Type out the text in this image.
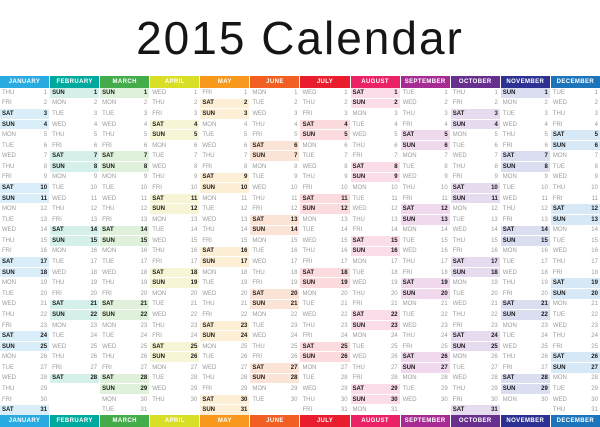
2015 Calendar
JANUARY
THU	1
FRI	2
SAT	3
SUN	4
MON	5
TUE	6
WED	7
THU	8
FRI	9
SAT	10
SUN	11
MON	12
TUE	13
WED	14
THU	15
FRI	16
SAT	17
SUN	18
MON	19
TUE	20
WED	21
THU	22
FRI	23
SAT	24
SUN	25
MON	26
TUE	27
WED	28
THU	29
FRI	30
SAT	31
JANUARY
FEBRUARY
SUN	1
MON	2
TUE	3
WED	4
THU	5
FRI	6
SAT	7
SUN	8
MON	9
TUE	10
WED	11
THU	12
FRI	13
SAT	14
SUN	15
MON	16
TUE	17
WED	18
THU	19
FRI	20
SAT	21
SUN	22
MON	23
TUE	24
WED	25
THU	26
FRI	27
SAT	28
FEBRUARY
MARCH
SUN	1
MON	2
TUE	3
WED	4
THU	5
FRI	6
SAT	7
SUN	8
MON	9
TUE	10
WED	11
THU	12
FRI	13
SAT	14
SUN	15
MON	16
TUE	17
WED	18
THU	19
FRI	20
SAT	21
SUN	22
MON	23
TUE	24
WED	25
THU	26
FRI	27
SAT	28
SUN	29
MON	30
TUE	31
MARCH
APRIL
WED	1
THU	2
FRI	3
SAT	4
SUN	5
MON	6
TUE	7
WED	8
THU	9
FRI	10
SAT	11
SUN	12
MON	13
TUE	14
WED	15
THU	16
FRI	17
SAT	18
SUN	19
MON	20
TUE	21
WED	22
THU	23
FRI	24
SAT	25
SUN	26
MON	27
TUE	28
WED	29
THU	30
APRIL
MAY
FRI	1
SAT	2
SUN	3
MON	4
TUE	5
WED	6
THU	7
FRI	8
SAT	9
SUN	10
MON	11
TUE	12
WED	13
THU	14
FRI	15
SAT	16
SUN	17
MON	18
TUE	19
WED	20
THU	21
FRI	22
SAT	23
SUN	24
MON	25
TUE	26
WED	27
THU	28
FRI	29
SAT	30
SUN	31
MAY
JUNE
MON	1
TUE	2
WED	3
THU	4
FRI	5
SAT	6
SUN	7
MON	8
TUE	9
WED	10
THU	11
FRI	12
SAT	13
SUN	14
MON	15
TUE	16
WED	17
THU	18
FRI	19
SAT	20
SUN	21
MON	22
TUE	23
WED	24
THU	25
FRI	26
SAT	27
SUN	28
MON	29
TUE	30
JUNE
JULY
WED	1
THU	2
FRI	3
SAT	4
SUN	5
MON	6
TUE	7
WED	8
THU	9
FRI	10
SAT	11
SUN	12
MON	13
TUE	14
WED	15
THU	16
FRI	17
SAT	18
SUN	19
MON	20
TUE	21
WED	22
THU	23
FRI	24
SAT	25
SUN	26
MON	27
TUE	28
WED	29
THU	30
FRI	31
JULY
AUGUST
SAT	1
SUN	2
MON	3
TUE	4
WED	5
THU	6
FRI	7
SAT	8
SUN	9
MON	10
TUE	11
WED	12
THU	13
FRI	14
SAT	15
SUN	16
MON	17
TUE	18
WED	19
THU	20
FRI	21
SAT	22
SUN	23
MON	24
TUE	25
WED	26
THU	27
FRI	28
SAT	29
SUN	30
MON	31
AUGUST
SEPTEMBER
TUE	1
WED	2
THU	3
FRI	4
SAT	5
SUN	6
MON	7
TUE	8
WED	9
THU	10
FRI	11
SAT	12
SUN	13
MON	14
TUE	15
WED	16
THU	17
FRI	18
SAT	19
SUN	20
MON	21
TUE	22
WED	23
THU	24
FRI	25
SAT	26
SUN	27
MON	28
TUE	29
WED	30
SEPTEMBER
OCTOBER
THU	1
FRI	2
SAT	3
SUN	4
MON	5
TUE	6
WED	7
THU	8
FRI	9
SAT	10
SUN	11
MON	12
TUE	13
WED	14
THU	15
FRI	16
SAT	17
SUN	18
MON	19
TUE	20
WED	21
THU	22
FRI	23
SAT	24
SUN	25
MON	26
TUE	27
WED	28
THU	29
FRI	30
SAT	31
OCTOBER
NOVEMBER
SUN	1
MON	2
TUE	3
WED	4
THU	5
FRI	6
SAT	7
SUN	8
MON	9
TUE	10
WED	11
THU	12
FRI	13
SAT	14
SUN	15
MON	16
TUE	17
WED	18
THU	19
FRI	20
SAT	21
SUN	22
MON	23
TUE	24
WED	25
THU	26
FRI	27
SAT	28
SUN	29
MON	30
NOVEMBER
DECEMBER
TUE	1
WED	2
THU	3
FRI	4
SAT	5
SUN	6
MON	7
TUE	8
WED	9
THU	10
FRI	11
SAT	12
SUN	13
MON	14
TUE	15
WED	16
THU	17
FRI	18
SAT	19
SUN	20
MON	21
TUE	22
WED	23
THU	24
FRI	25
SAT	26
SUN	27
MON	28
TUE	29
WED	30
THU	31
DECEMBER
